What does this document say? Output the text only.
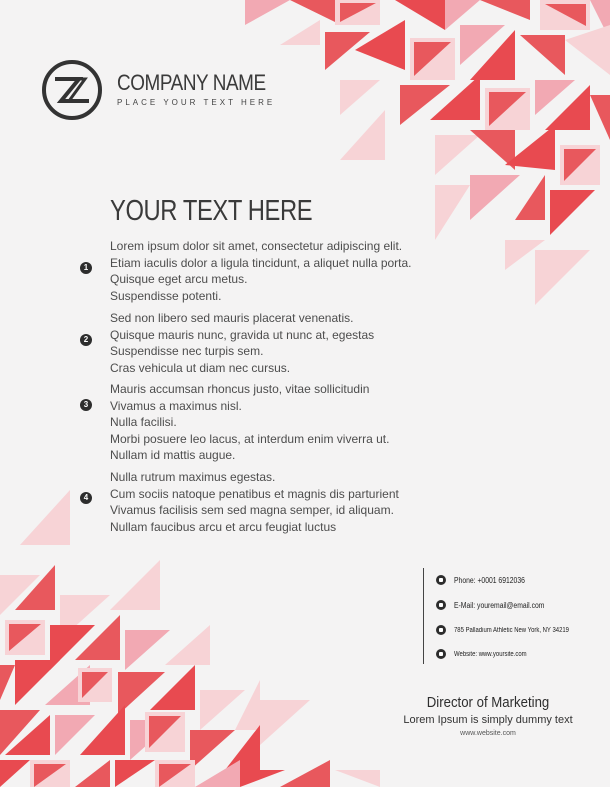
COMPANY NAME
PLACE YOUR TEXT HERE
YOUR TEXT HERE
1

Lorem ipsum dolor sit amet, consectetur adipiscing elit.

Etiam iaculis dolor a ligula tincidunt, a aliquet nulla porta.

Quisque eget arcu metus.

Suspendisse potenti.

2

Sed non libero sed mauris placerat venenatis.

Quisque mauris nunc, gravida ut nunc at, egestas

Suspendisse nec turpis sem.

Cras vehicula ut diam nec cursus.

3

Mauris accumsan rhoncus justo, vitae sollicitudin

Vivamus a maximus nisl.

Nulla facilisi.

Morbi posuere leo lacus, at interdum enim viverra ut.

Nullam id mattis augue.

4

Nulla rutrum maximus egestas.

Cum sociis natoque penatibus et magnis dis parturient

Vivamus facilisis sem sed magna semper, id aliquam.

Nullam faucibus arcu et arcu feugiat luctus

Phone: +0001 6912036
E-Mail: youremail@email.com
785 Palladium Athletic New York, NY 34219
Website: www.yoursite.com
Director of Marketing
Lorem Ipsum is simply dummy text
www.website.com
